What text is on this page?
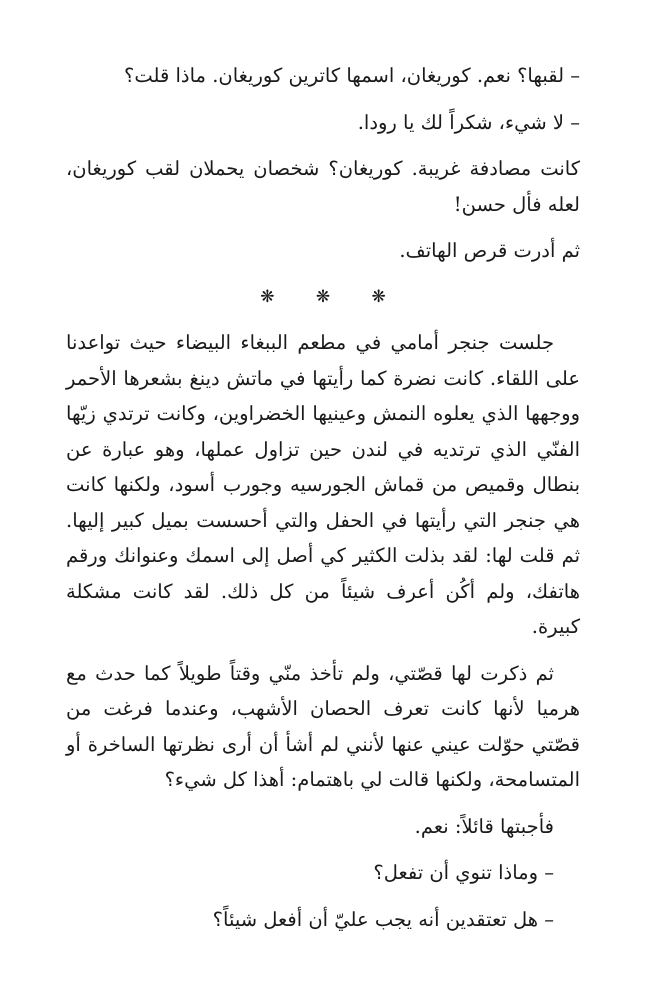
– لقبها؟ نعم. كوريغان، اسمها كاترين كوريغان. ماذا قلت؟

– لا شيء، شكراً لك يا رودا.

كانت مصادفة غريبة. كوريغان؟ شخصان يحملان لقب كوريغان، لعله فأل حسن!

ثم أدرت قرص الهاتف.

❋ ❋ ❋

جلست جنجر أمامي في مطعم الببغاء البيضاء حيث تواعدنا على اللقاء. كانت نضرة كما رأيتها في ماتش دينغ بشعرها الأحمر ووجهها الذي يعلوه النمش وعينيها الخضراوين، وكانت ترتدي زيّها الفنّي الذي ترتديه في لندن حين تزاول عملها، وهو عبارة عن بنطال وقميص من قماش الجورسيه وجورب أسود، ولكنها كانت هي جنجر التي رأيتها في الحفل والتي أحسست بميل كبير إليها. ثم قلت لها: لقد بذلت الكثير كي أصل إلى اسمك وعنوانك ورقم هاتفك، ولم أكُن أعرف شيئاً من كل ذلك. لقد كانت مشكلة كبيرة.

ثم ذكرت لها قصّتي، ولم تأخذ منّي وقتاً طويلاً كما حدث مع هرميا لأنها كانت تعرف الحصان الأشهب، وعندما فرغت من قصّتي حوّلت عيني عنها لأنني لم أشأ أن أرى نظرتها الساخرة أو المتسامحة، ولكنها قالت لي باهتمام: أهذا كل شيء؟

فأجبتها قائلاً: نعم.

– وماذا تنوي أن تفعل؟

– هل تعتقدين أنه يجب عليّ أن أفعل شيئاً؟
